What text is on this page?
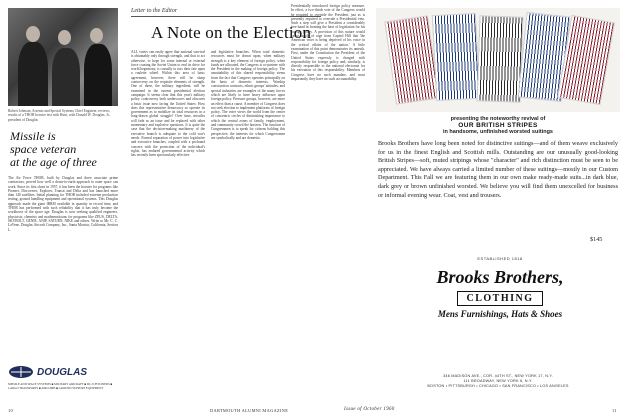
Robert Johnson, Arsenio and Special Systems Chief Engineer, reviews results of a THOR booster test with Hunt, with Donald W. Douglas, Jr., president of Douglas
Missile is
space veteran
at the age of three
The Air Force THOR, built by Douglas and three associate prime contractors, proved how well a down-to-earth approach to outer space can work. Since its first shoot in 1957, it has been the booster for programs like Pioneer, Discoverer, Explorer, Transit and Delta and has launched more than 140 satellites. Initial planning for THOR included extreme production testing, ground handling equipment and operational systems. This Douglas approach made the giant IRBM available in quantity in record time, and THOR has performed with such reliability that it has truly become the workhorse of the space age. Douglas is now seeking qualified engineers, physicists, chemists and mathematicians for programs like ZEUS, DELTA, SKYBOLT, GENIE, ANIP, SATURN, NIKE and others. Write to Mr. C. C. LaVene, Douglas Aircraft Company, Inc., Santa Monica, California, Section L.
DOUGLAS
MISSILE AND SPACE SYSTEMS ■ MILITARY AIRCRAFT ■ DC-8 JETLINERS ■ CARGO TRANSPORTS ■ AIRCOMB ■ GROUND SUPPORT EQUIPMENT
10
Letter to the Editor
A Note on the Election
ALL voters can easily agree that national survival is obtainably only through strength, and that to act otherwise, to hope for some internal or external force causing the Soviet Union to end its drive for world hegemony, is casually to toss their fate upon a roulette wheel. Within this area of basic agreement, however, there will be sharp controversy on the requisite elements of strength. One of these, the military ingredient, will be examined in the current presidential election campaign. It seems clear that this year's military policy controversy both underscores and obscures a basic issue now facing the United States: How does this representative democracy so operate its government as to mobilize its total resources in a long-drawn global struggle? Over time, missiles will fade as an issue and be replaced with other momentary and explosive questions. It is quite the case that the decision-making machinery of the executive branch is adequate to the cold war's needs. Formal separation of power into legislative and executive branches, coupled with a profound concern with the protection of the individual's rights, has endured governmental activity which has recently been spectacularly effective.
and legislative branches. When total domestic resources must be drawn upon, when military strength is a key element of foreign policy, when funds are allocated, the Congress is co-partner with the President in the making of foreign policy. The unsuitability of this shared responsibility stems from the fact that Congress operates principally on the basis of domestic interests. Warship construction contracts, ethnic groups' attitudes, and special industries are examples of the many forces which are likely to have heavy influence upon foreign policy. Pressure groups, however, are more an effect than a cause. A member of Congress does not seek election to implement platforms of foreign policy. The voter views the world from the center of concentric circles of diminishing importance to which the central zones of family, employment, and community crowd the horizon. The function of Congressmen is to speak for citizens holding this perspective; the interests for which Congressmen are symbolically and are domestic.
Presidentially introduced foreign policy measure. In effect, a two-thirds vote of the Congress would be required to override the President, just as is presently required to overrule a Presidential veto. Such a step will give a President a considerably free hand in forming the base of legislation for his foreign policy. A provision of this nature would cause howls of rage from Capitol Hill that 'the American voter is being deprived of his voice in the critical affairs of the nation.' A little examination of this point demonstrates its untruth. First, under the Constitution the President of the United States expressly is charged with responsibility for foreign policy and, similarly, is directly responsible to the national electorate for his execution of this responsibility. Members of Congress have no such mandate, and most importantly, they have no such accountability.
DARTMOUTH ALUMNI MAGAZINE	Issue of October 1960	11
presenting the noteworthy revival of
OUR BRITISH STRIPES
in handsome, unfinished worsted suitings
Brooks Brothers have long been noted for distinctive suitings—and of them weave exclusively for us in the finest English and Scottish mills. Outstanding are our unusually good-looking British Stripes—soft, muted stripings whose "character" and rich distinction must be seen to be appreciated. We have always carried a limited number of these suitings—mostly in our Custom Department. This Fall we are featuring them in our own make ready-made suits...in dark blue, dark grey or brown unfinished worsted. We believe you will find them unexcelled for business or informal evening wear. Coat, vest and trousers.
$145
ESTABLISHED 1818
Brooks Brothers,
CLOTHING
Mens Furnishings, Hats & Shoes
346 MADISON AVE., COR. 44TH ST., NEW YORK 17, N.Y.
111 BROADWAY, NEW YORK 6, N.Y.
BOSTON • PITTSBURGH • CHICAGO • SAN FRANCISCO • LOS ANGELES
